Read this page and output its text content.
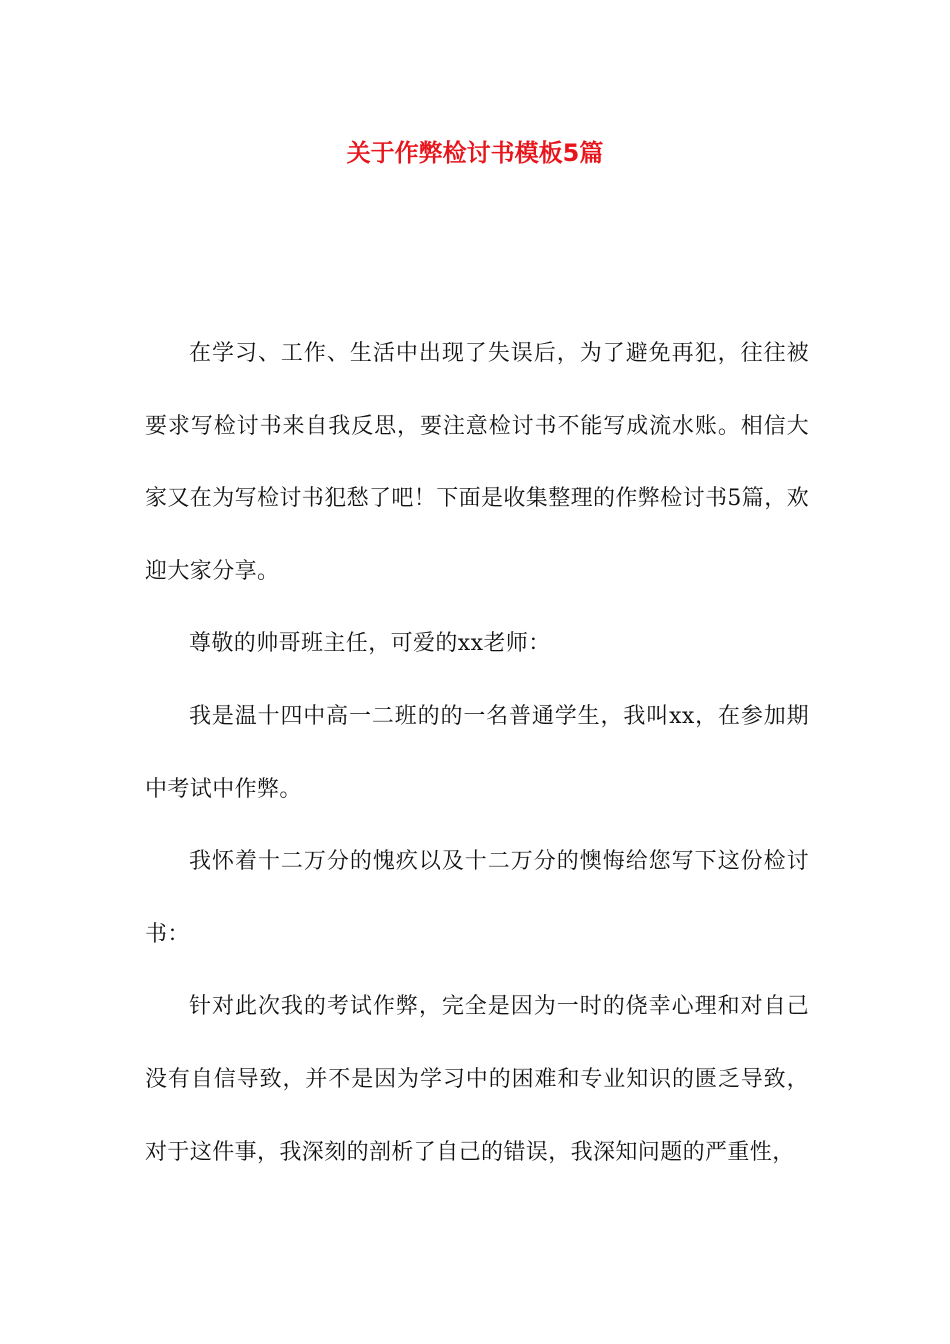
关于作弊检讨书模板5篇

在学习、工作、生活中出现了失误后，为了避免再犯，往往被要求写检讨书来自我反思，要注意检讨书不能写成流水账。相信大家又在为写检讨书犯愁了吧！下面是收集整理的作弊检讨书5篇，欢迎大家分享。

尊敬的帅哥班主任，可爱的xx老师：

我是温十四中高一二班的的一名普通学生，我叫xx，在参加期中考试中作弊。

我怀着十二万分的愧疚以及十二万分的懊悔给您写下这份检讨书：

针对此次我的考试作弊，完全是因为一时的侥幸心理和对自己没有自信导致，并不是因为学习中的困难和专业知识的匮乏导致，对于这件事，我深刻的剖析了自己的错误，我深知问题的严重性，
